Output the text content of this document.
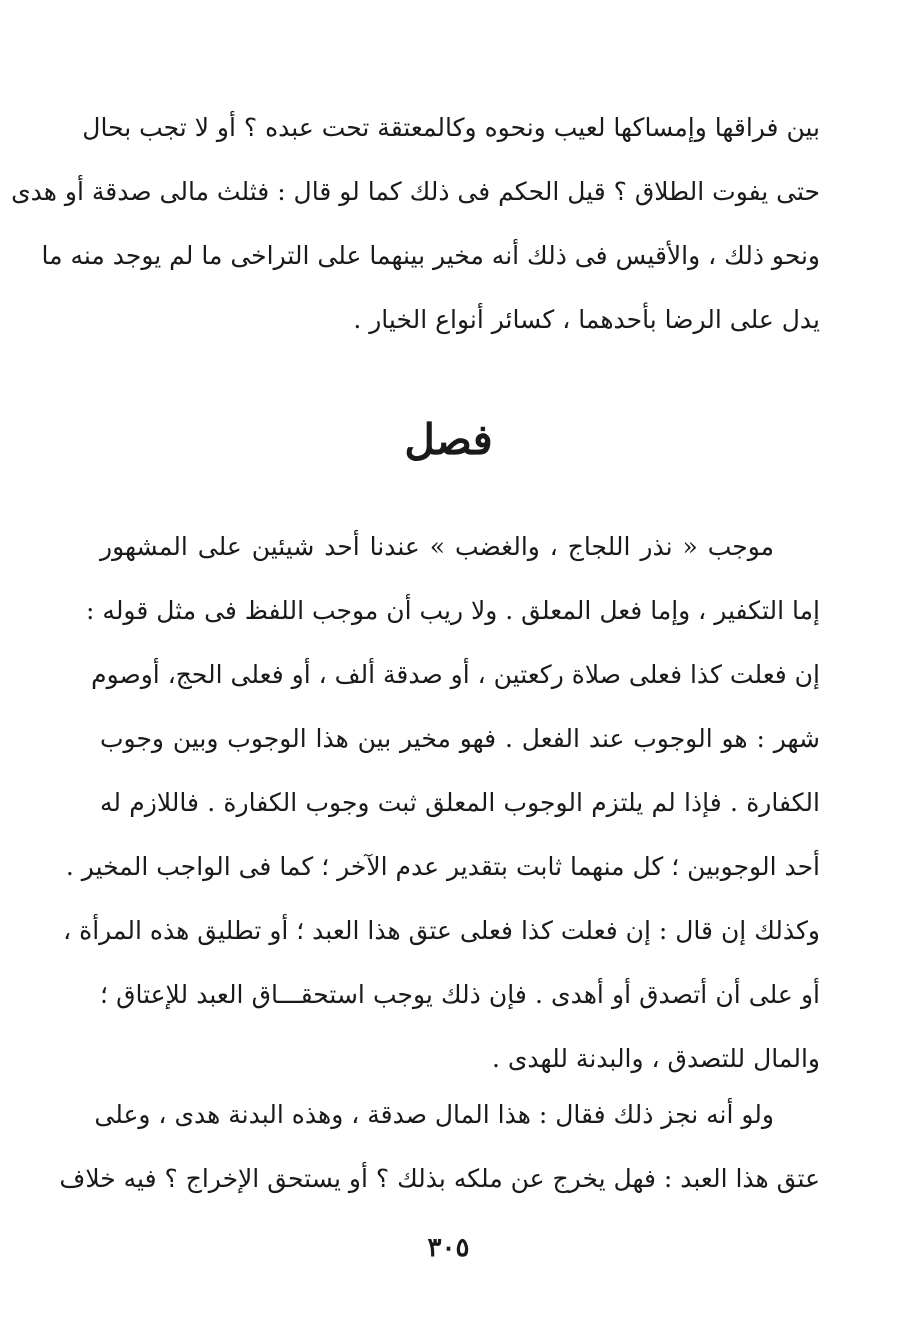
بين فراقها وإمساكها لعيب ونحوه وكالمعتقة تحت عبده ؟ أو لا تجب بحال
حتى يفوت الطلاق ؟ قيل الحكم فى ذلك كما لو قال : فثلث مالى صدقة أو هدى
ونحو ذلك ، والأقيس فى ذلك أنه مخير بينهما على التراخى ما لم يوجد منه ما
يدل على الرضا بأحدهما ، كسائر أنواع الخيار .
فصل
موجب « نذر اللجاج ، والغضب » عندنا أحد شيئين على المشهور
إما التكفير ، وإما فعل المعلق . ولا ريب أن موجب اللفظ فى مثل قوله :
إن فعلت كذا فعلى صلاة ركعتين ، أو صدقة ألف ، أو فعلى الحج، أوصوم
شهر : هو الوجوب عند الفعل . فهو مخير بين هذا الوجوب وبين وجوب
الكفارة . فإذا لم يلتزم الوجوب المعلق ثبت وجوب الكفارة . فاللازم له
أحد الوجوبين ؛ كل منهما ثابت بتقدير عدم الآخر ؛ كما فى الواجب المخير .
وكذلك إن قال : إن فعلت كذا فعلى عتق هذا العبد ؛ أو تطليق هذه المرأة ،
أو على أن أتصدق أو أهدى . فإن ذلك يوجب استحقـــاق العبد للإعتاق ؛
والمال للتصدق ، والبدنة للهدى .
ولو أنه نجز ذلك فقال : هذا المال صدقة ، وهذه البدنة هدى ، وعلى
عتق هذا العبد : فهل يخرج عن ملكه بذلك ؟ أو يستحق الإخراج ؟ فيه خلاف
٣٠٥
